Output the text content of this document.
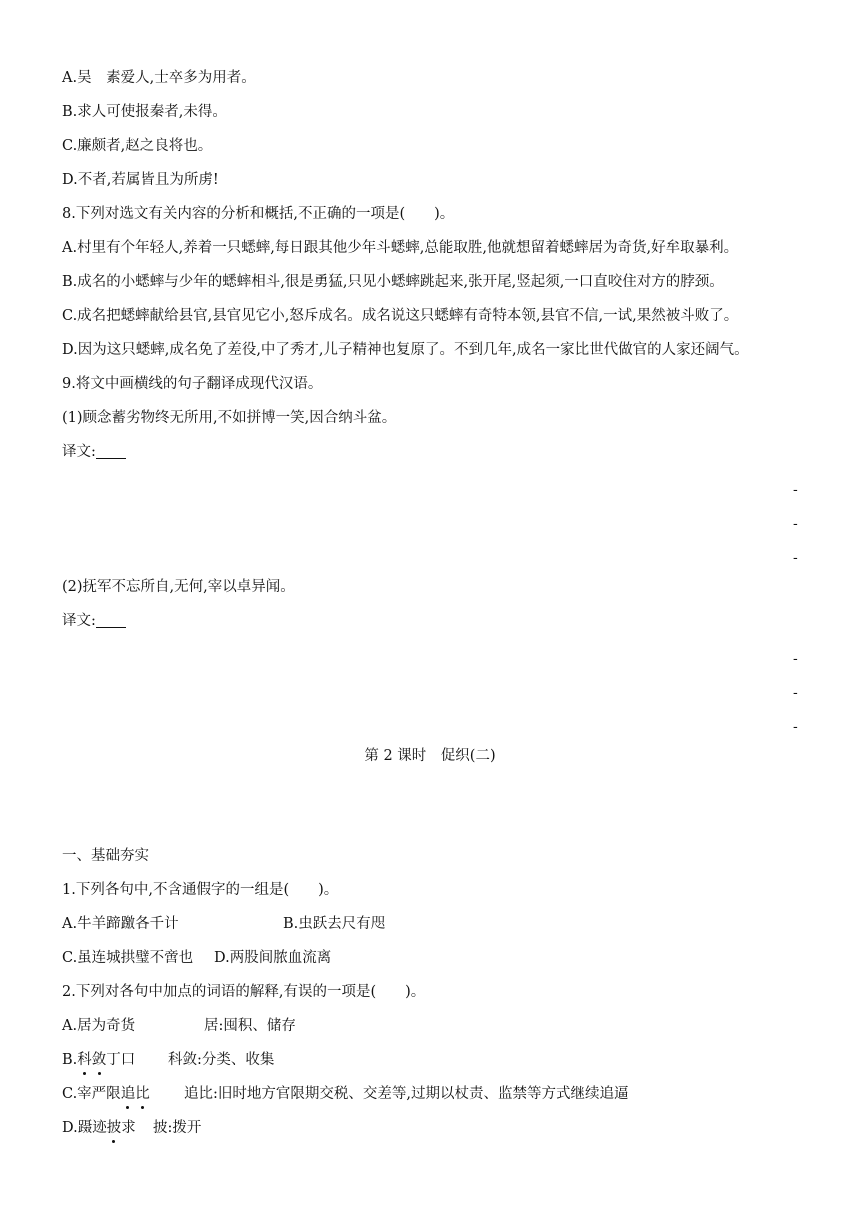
A.吴　素爱人,士卒多为用者。
B.求人可使报秦者,未得。
C.廉颇者,赵之良将也。
D.不者,若属皆且为所虏!
8.下列对选文有关内容的分析和概括,不正确的一项是(　　)。
A.村里有个年轻人,养着一只蟋蟀,每日跟其他少年斗蟋蟀,总能取胜,他就想留着蟋蟀居为奇货,好牟取暴利。
B.成名的小蟋蟀与少年的蟋蟀相斗,很是勇猛,只见小蟋蟀跳起来,张开尾,竖起须,一口直咬住对方的脖颈。
C.成名把蟋蟀献给县官,县官见它小,怒斥成名。成名说这只蟋蟀有奇特本领,县官不信,一试,果然被斗败了。
D.因为这只蟋蟀,成名免了差役,中了秀才,儿子精神也复原了。不到几年,成名一家比世代做官的人家还阔气。
9.将文中画横线的句子翻译成现代汉语。
(1)顾念蓄劣物终无所用,不如拼博一笑,因合纳斗盆。
译文:
-
-
-
(2)抚军不忘所自,无何,宰以卓异闻。
译文:
-
-
-
第 2 课时　促织(二)
一、基础夯实
1.下列各句中,不含通假字的一组是(　　)。
A.牛羊蹄躈各千计	B.虫跃去尺有咫
C.虽连城拱璧不啻也 D.两股间脓血流离
2.下列对各句中加点的词语的解释,有误的一项是(　　)。
A.居为奇货	居:囤积、储存
B.科敛丁口 科敛:分类、收集
C.宰严限追比 追比:旧时地方官限期交税、交差等,过期以杖责、监禁等方式继续追逼
D.蹑迹披求 披:拨开
